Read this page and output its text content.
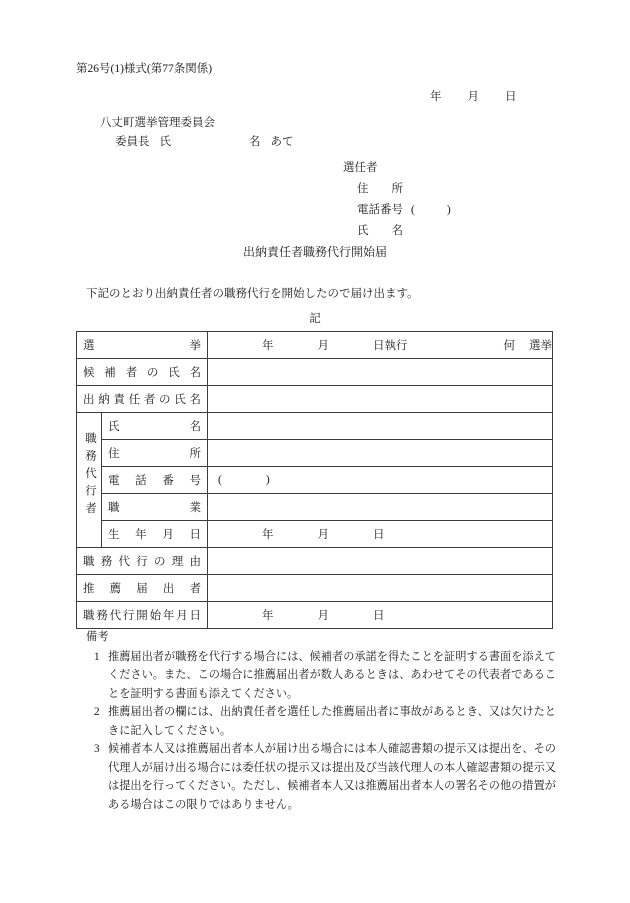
第26号(1)様式(第77条関係)
年 月 日
八丈町選挙管理委員会
委員長 氏	名 あて
選任者
住　　所
電話番号 (	)
氏　　名
出納責任者職務代行開始届
下記のとおり出納責任者の職務代行を開始したので届け出ます。
記
選 挙		年 月 日執行 何 選挙

候 補 者 の 氏 名

出 納 責 任 者 の 氏 名

職務代行者	氏 名	

	住 所	

	電 話 番 号	( )

	職 業	

	生 年 月 日	年 月 日

職 務 代 行 の 理 由

推 薦 届 出 者		

職 務 代 行 開 始 年 月 日	年	月	日
備考
1 推薦届出者が職務を代行する場合には、候補者の承諾を得たことを証明する書面を添えてください。また、この場合に推薦届出者が数人あるときは、あわせてその代表者であることを証明する書面も添えてください。
2 推薦届出者の欄には、出納責任者を選任した推薦届出者に事故があるとき、又は欠けたときに記入してください。
3 候補者本人又は推薦届出者本人が届け出る場合には本人確認書類の提示又は提出を、その代理人が届け出る場合には委任状の提示又は提出及び当該代理人の本人確認書類の提示又は提出を行ってください。ただし、候補者本人又は推薦届出者本人の署名その他の措置がある場合はこの限りではありません。
